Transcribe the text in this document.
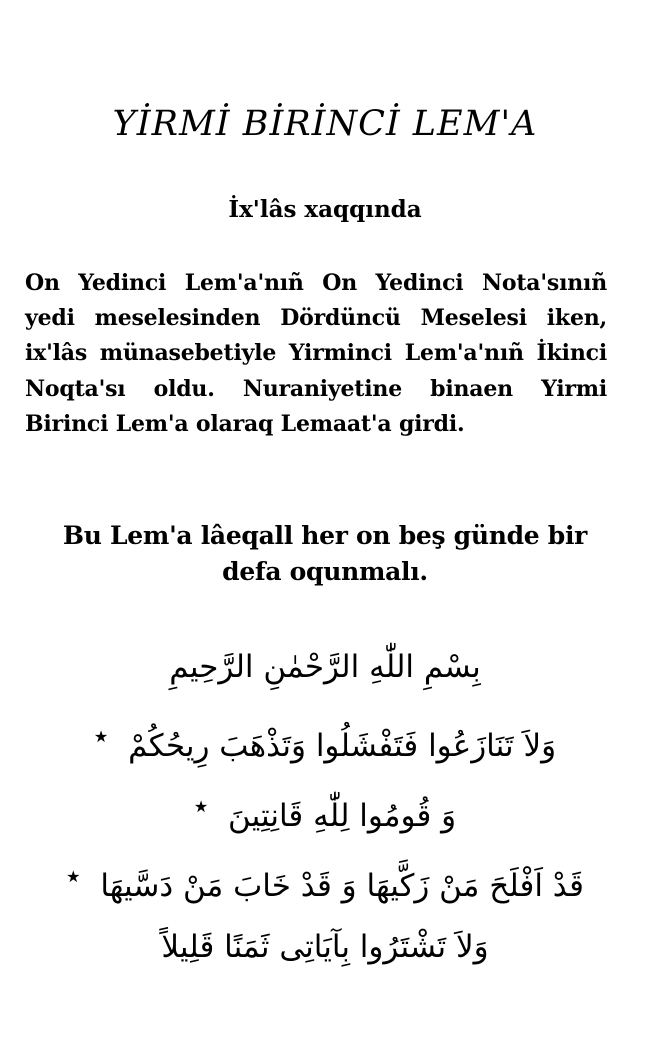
YİRMİ BİRİNCİ LEM'A
İx'lâs xaqqında

On Yedinci Lem'a'nıñ On Yedinci Nota'sınıñ yedi meselesinden Dördüncü Meselesi iken, ix'lâs münasebetiyle Yirminci Lem'a'nıñ İkinci Noqta'sı oldu. Nuraniyetine binaen Yirmi Birinci Lem'a olaraq Lemaat'a girdi.

Bu Lem'a lâeqall her on beş günde bir
defa oqunmalı.
بِسْمِ اللّٰهِ الرَّحْمٰنِ الرَّحِيمِ
وَلاَ تَنَازَعُوا فَتَفْشَلُوا وَتَذْهَبَ رِيحُكُمْ ★
وَ قُومُوا لِلّٰهِ قَانِتِينَ ★
قَدْ اَفْلَحَ مَنْ زَكَّيهَا وَ قَدْ خَابَ مَنْ دَسَّيهَا ★
وَلاَ تَشْتَرُوا بِآيَاتِى ثَمَنًا قَلِيلاً
